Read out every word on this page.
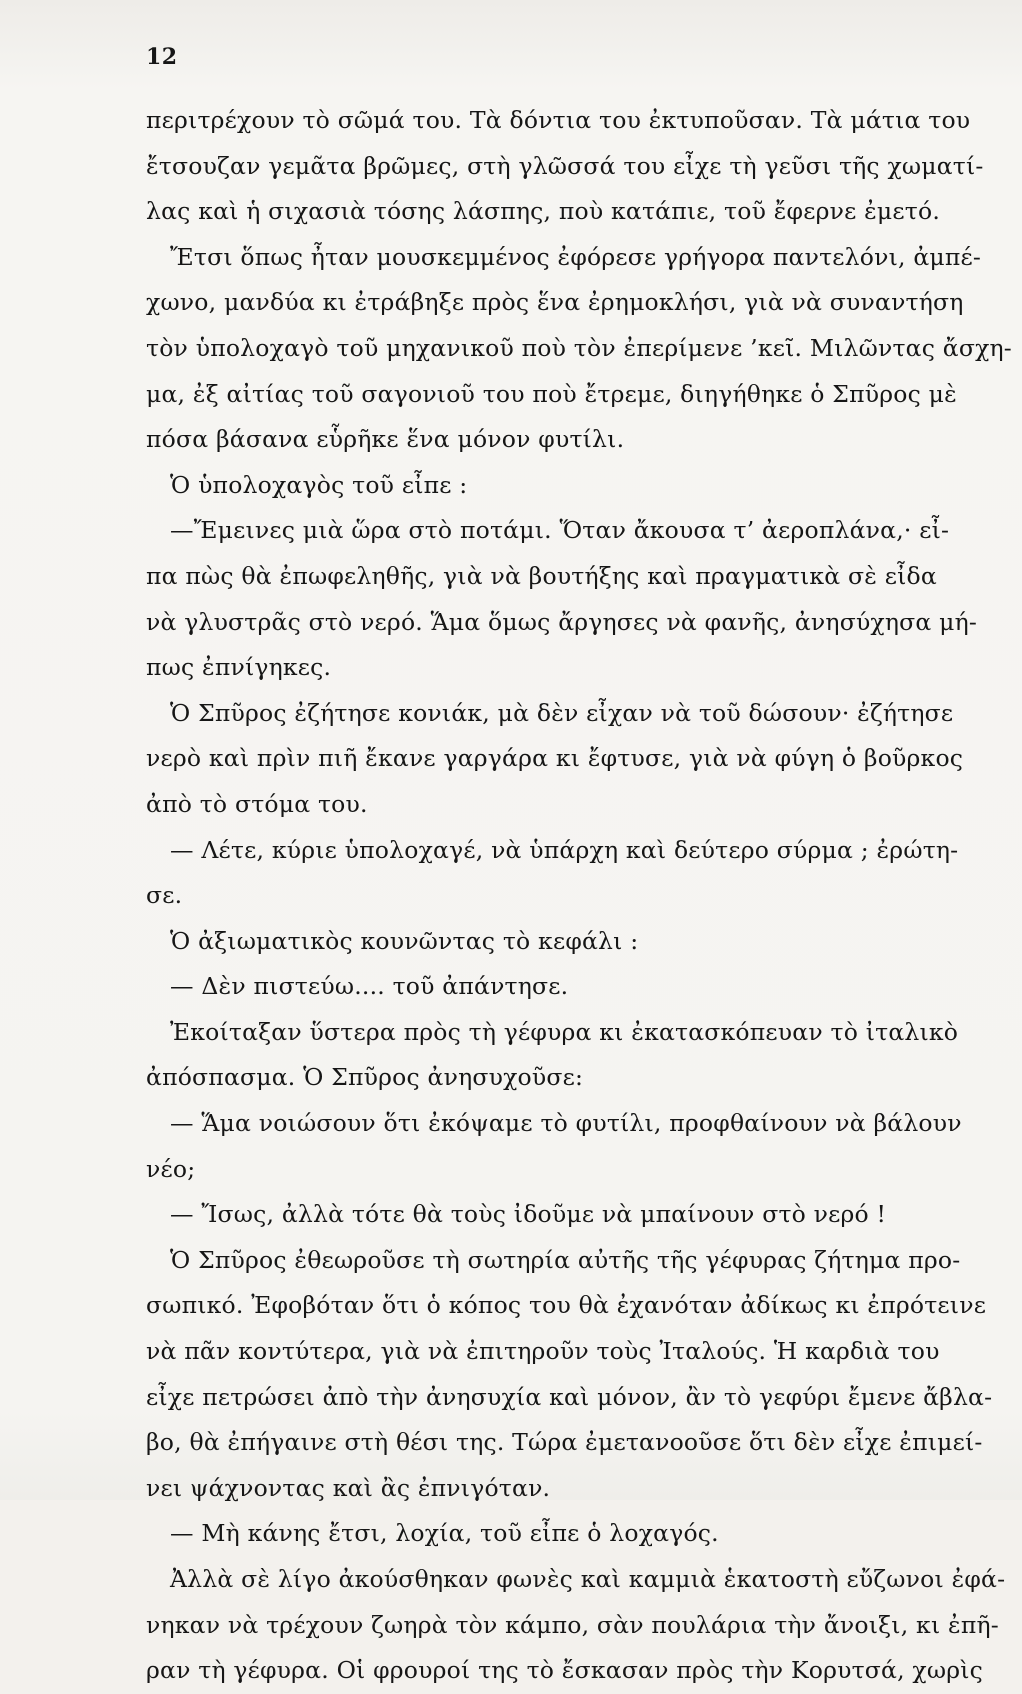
12
περιτρέχουν τὸ σῶμά του. Τὰ δόντια του ἐκτυποῦσαν. Τὰ μάτια του
ἔτσουζαν γεμᾶτα βρῶμες, στὴ γλῶσσά του εἶχε τὴ γεῦσι τῆς χωματί-
λας καὶ ἡ σιχασιὰ τόσης λάσπης, ποὺ κατάπιε, τοῦ ἔφερνε ἐμετό.
Ἔτσι ὅπως ἦταν μουσκεμμένος ἐφόρεσε γρήγορα παντελόνι, ἀμπέ-
χωνο, μανδύα κι ἐτράβηξε πρὸς ἕνα ἐρημοκλήσι, γιὰ νὰ συναντήση
τὸν ὑπολοχαγὸ τοῦ μηχανικοῦ ποὺ τὸν ἐπερίμενε ’κεῖ. Μιλῶντας ἄσχη-
μα, ἐξ αἰτίας τοῦ σαγονιοῦ του ποὺ ἔτρεμε, διηγήθηκε ὁ Σπῦρος μὲ
πόσα βάσανα εὗρῆκε ἕνα μόνον φυτίλι.
Ὁ ὑπολοχαγὸς τοῦ εἶπε :
—Ἔμεινες μιὰ ὥρα στὸ ποτάμι. Ὅταν ἄκουσα τ’ ἀεροπλάνα,· εἶ-
πα πὼς θὰ ἐπωφεληθῆς, γιὰ νὰ βουτήξης καὶ πραγματικὰ σὲ εἶδα
νὰ γλυστρᾶς στὸ νερό. Ἅμα ὅμως ἄργησες νὰ φανῆς, ἀνησύχησα μή-
πως ἐπνίγηκες.
Ὁ Σπῦρος ἐζήτησε κονιάκ, μὰ δὲν εἶχαν νὰ τοῦ δώσουν· ἐζήτησε
νερὸ καὶ πρὶν πιῆ ἔκανε γαργάρα κι ἔφτυσε, γιὰ νὰ φύγη ὁ βοῦρκος
ἀπὸ τὸ στόμα του.
— Λέτε, κύριε ὑπολοχαγέ, νὰ ὑπάρχη καὶ δεύτερο σύρμα ; ἐρώτη-
σε.
Ὁ ἀξιωματικὸς κουνῶντας τὸ κεφάλι :
— Δὲν πιστεύω.... τοῦ ἀπάντησε.
Ἐκοίταξαν ὕστερα πρὸς τὴ γέφυρα κι ἐκατασκόπευαν τὸ ἰταλικὸ
ἀπόσπασμα. Ὁ Σπῦρος ἀνησυχοῦσε:
— Ἅμα νοιώσουν ὅτι ἐκόψαμε τὸ φυτίλι, προφθαίνουν νὰ βάλουν
νέο;
— Ἴσως, ἀλλὰ τότε θὰ τοὺς ἰδοῦμε νὰ μπαίνουν στὸ νερό !
Ὁ Σπῦρος ἐθεωροῦσε τὴ σωτηρία αὐτῆς τῆς γέφυρας ζήτημα προ-
σωπικό. Ἐφοβόταν ὅτι ὁ κόπος του θὰ ἐχανόταν ἀδίκως κι ἐπρότεινε
νὰ πᾶν κοντύτερα, γιὰ νὰ ἐπιτηροῦν τοὺς Ἰταλούς. Ἡ καρδιὰ του
εἶχε πετρώσει ἀπὸ τὴν ἀνησυχία καὶ μόνον, ἂν τὸ γεφύρι ἔμενε ἄβλα-
βο, θὰ ἐπήγαινε στὴ θέσι της. Τώρα ἐμετανοοῦσε ὅτι δὲν εἶχε ἐπιμεί-
νει ψάχνοντας καὶ ἂς ἐπνιγόταν.
— Μὴ κάνης ἔτσι, λοχία, τοῦ εἶπε ὁ λοχαγός.
Ἀλλὰ σὲ λίγο ἀκούσθηκαν φωνὲς καὶ καμμιὰ ἑκατοστὴ εὔζωνοι ἐφά-
νηκαν νὰ τρέχουν ζωηρὰ τὸν κάμπο, σὰν πουλάρια τὴν ἄνοιξι, κι ἐπῆ-
ραν τὴ γέφυρα. Οἱ φρουροί της τὸ ἔσκασαν πρὸς τὴν Κορυτσά, χωρὶς
